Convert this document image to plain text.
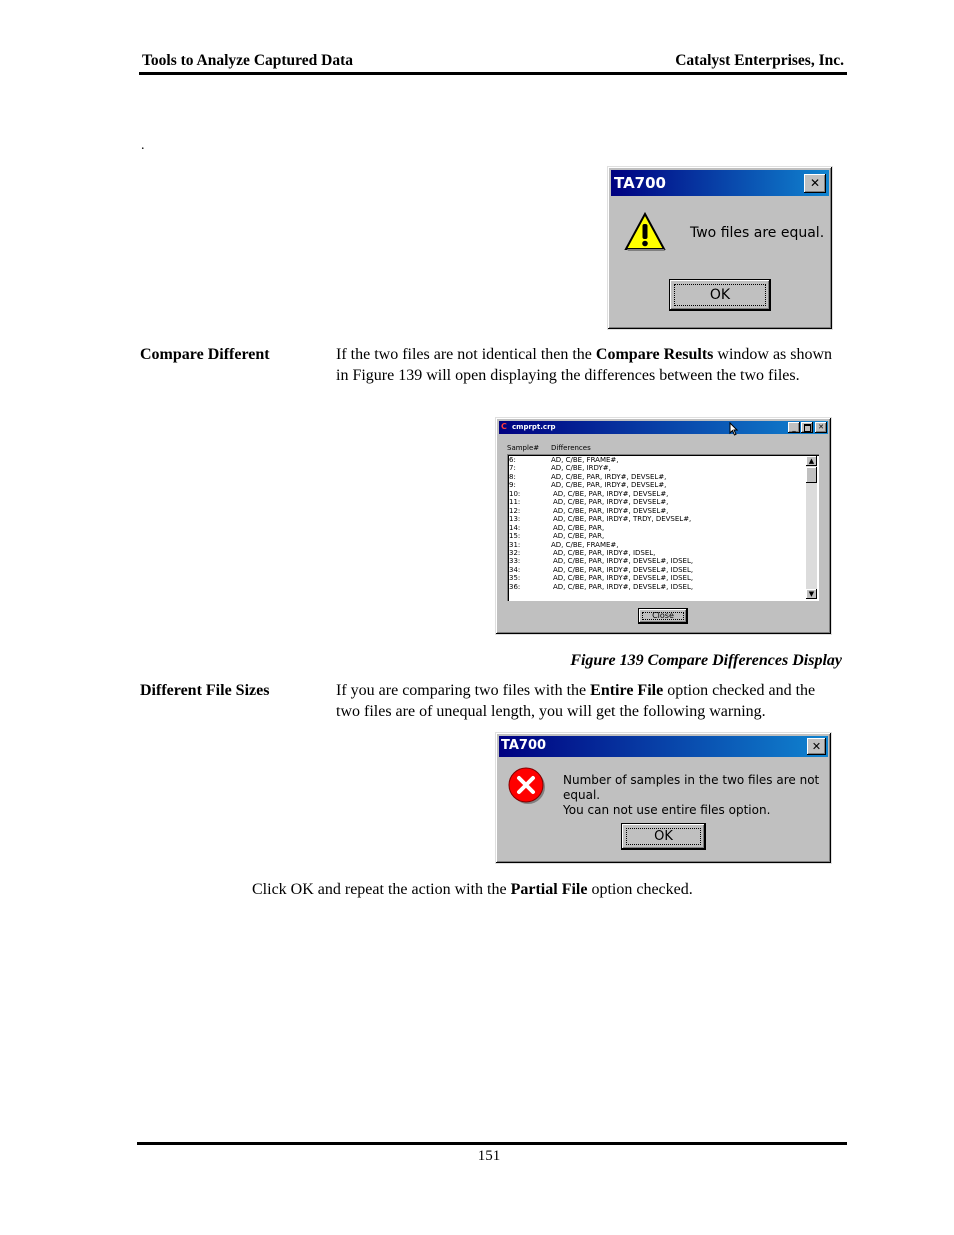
Tools to Analyze Captured Data	Catalyst Enterprises, Inc.
.
TA700	✕
Two files are equal.
OK
Compare Different	If the two files are not identical then the Compare Results window as shown in Figure 139 will open displaying the differences between the two files.
C cmprpt.crp	_	✕
Sample# Differences
▲
▼
6:	AD, C/BE, FRAME#,
7:	AD, C/BE, IRDY#,
8:	AD, C/BE, PAR, IRDY#, DEVSEL#,
9:	AD, C/BE, PAR, IRDY#, DEVSEL#,
10:	AD, C/BE, PAR, IRDY#, DEVSEL#,
11:	AD, C/BE, PAR, IRDY#, DEVSEL#,
12:	AD, C/BE, PAR, IRDY#, DEVSEL#,
13:	AD, C/BE, PAR, IRDY#, TRDY, DEVSEL#,
14:	AD, C/BE, PAR,
15:	AD, C/BE, PAR,
31:	AD, C/BE, FRAME#,
32:	AD, C/BE, PAR, IRDY#, IDSEL,
33:	AD, C/BE, PAR, IRDY#, DEVSEL#, IDSEL,
34:	AD, C/BE, PAR, IRDY#, DEVSEL#, IDSEL,
35:	AD, C/BE, PAR, IRDY#, DEVSEL#, IDSEL,
36:	AD, C/BE, PAR, IRDY#, DEVSEL#, IDSEL,
Close
Figure 139 Compare Differences Display
Different File Sizes	If you are comparing two files with the Entire File option checked and the two files are of unequal length, you will get the following warning.
TA700	✕
Number of samples in the two files are not equal.
You can not use entire files option.
OK
Click OK and repeat the action with the Partial File option checked.
151
